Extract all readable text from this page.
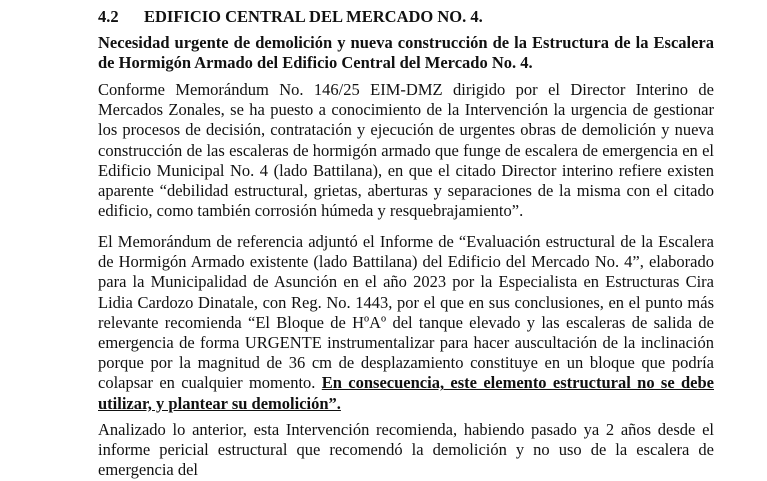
4.2 EDIFICIO CENTRAL DEL MERCADO NO. 4.
Necesidad urgente de demolición y nueva construcción de la Estructura de la Escalera de Hormigón Armado del Edificio Central del Mercado No. 4.

Conforme Memorándum No. 146/25 EIM-DMZ dirigido por el Director Interino de Mercados Zonales, se ha puesto a conocimiento de la Intervención la urgencia de gestionar los procesos de decisión, contratación y ejecución de urgentes obras de demolición y nueva construcción de las escaleras de hormigón armado que funge de escalera de emergencia en el Edificio Municipal No. 4 (lado Battilana), en que el citado Director interino refiere existen aparente “debilidad estructural, grietas, aberturas y separaciones de la misma con el citado edificio, como también corrosión húmeda y resquebrajamiento”.

El Memorándum de referencia adjuntó el Informe de “Evaluación estructural de la Escalera de Hormigón Armado existente (lado Battilana) del Edificio del Mercado No. 4”, elaborado para la Municipalidad de Asunción en el año 2023 por la Especialista en Estructuras Cira Lidia Cardozo Dinatale, con Reg. No. 1443, por el que en sus conclusiones, en el punto más relevante recomienda “El Bloque de HºAº del tanque elevado y las escaleras de salida de emergencia de forma URGENTE instrumentalizar para hacer auscultación de la inclinación porque por la magnitud de 36 cm de desplazamiento constituye en un bloque que podría colapsar en cualquier momento. En consecuencia, este elemento estructural no se debe utilizar, y plantear su demolición”.

Analizado lo anterior, esta Intervención recomienda, habiendo pasado ya 2 años desde el informe pericial estructural que recomendó la demolición y no uso de la escalera de emergencia del
